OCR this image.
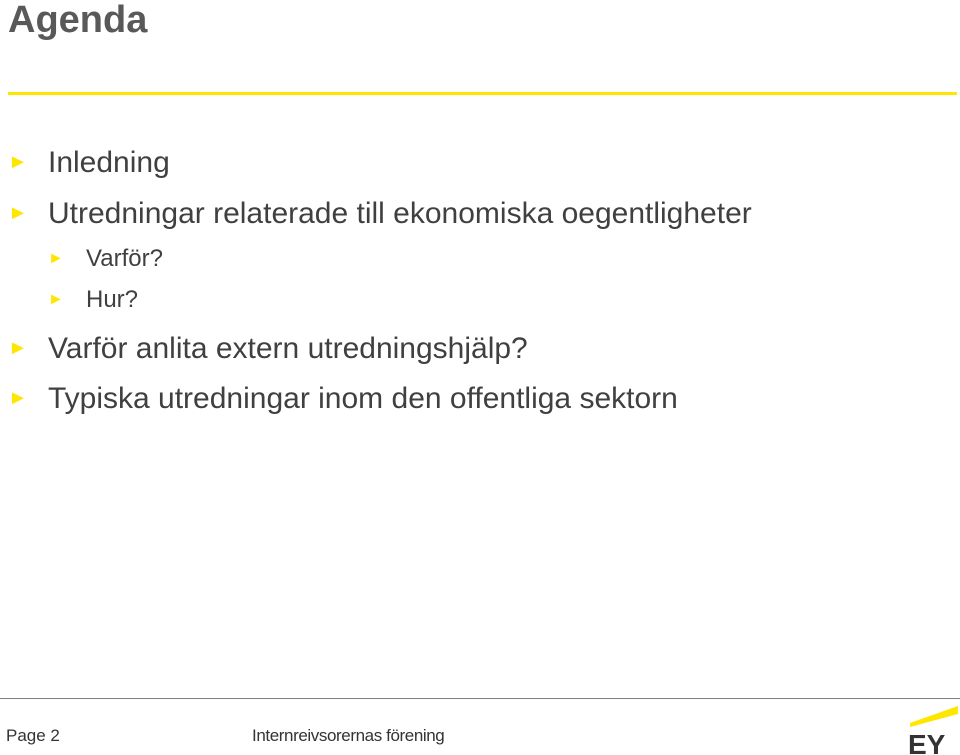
Agenda
► Inledning
► Utredningar relaterade till ekonomiska oegentligheter
► Varför?
► Hur?
► Varför anlita extern utredningshjälp?
► Typiska utredningar inom den offentliga sektorn
Page 2	Internreivsorernas förening	EY
